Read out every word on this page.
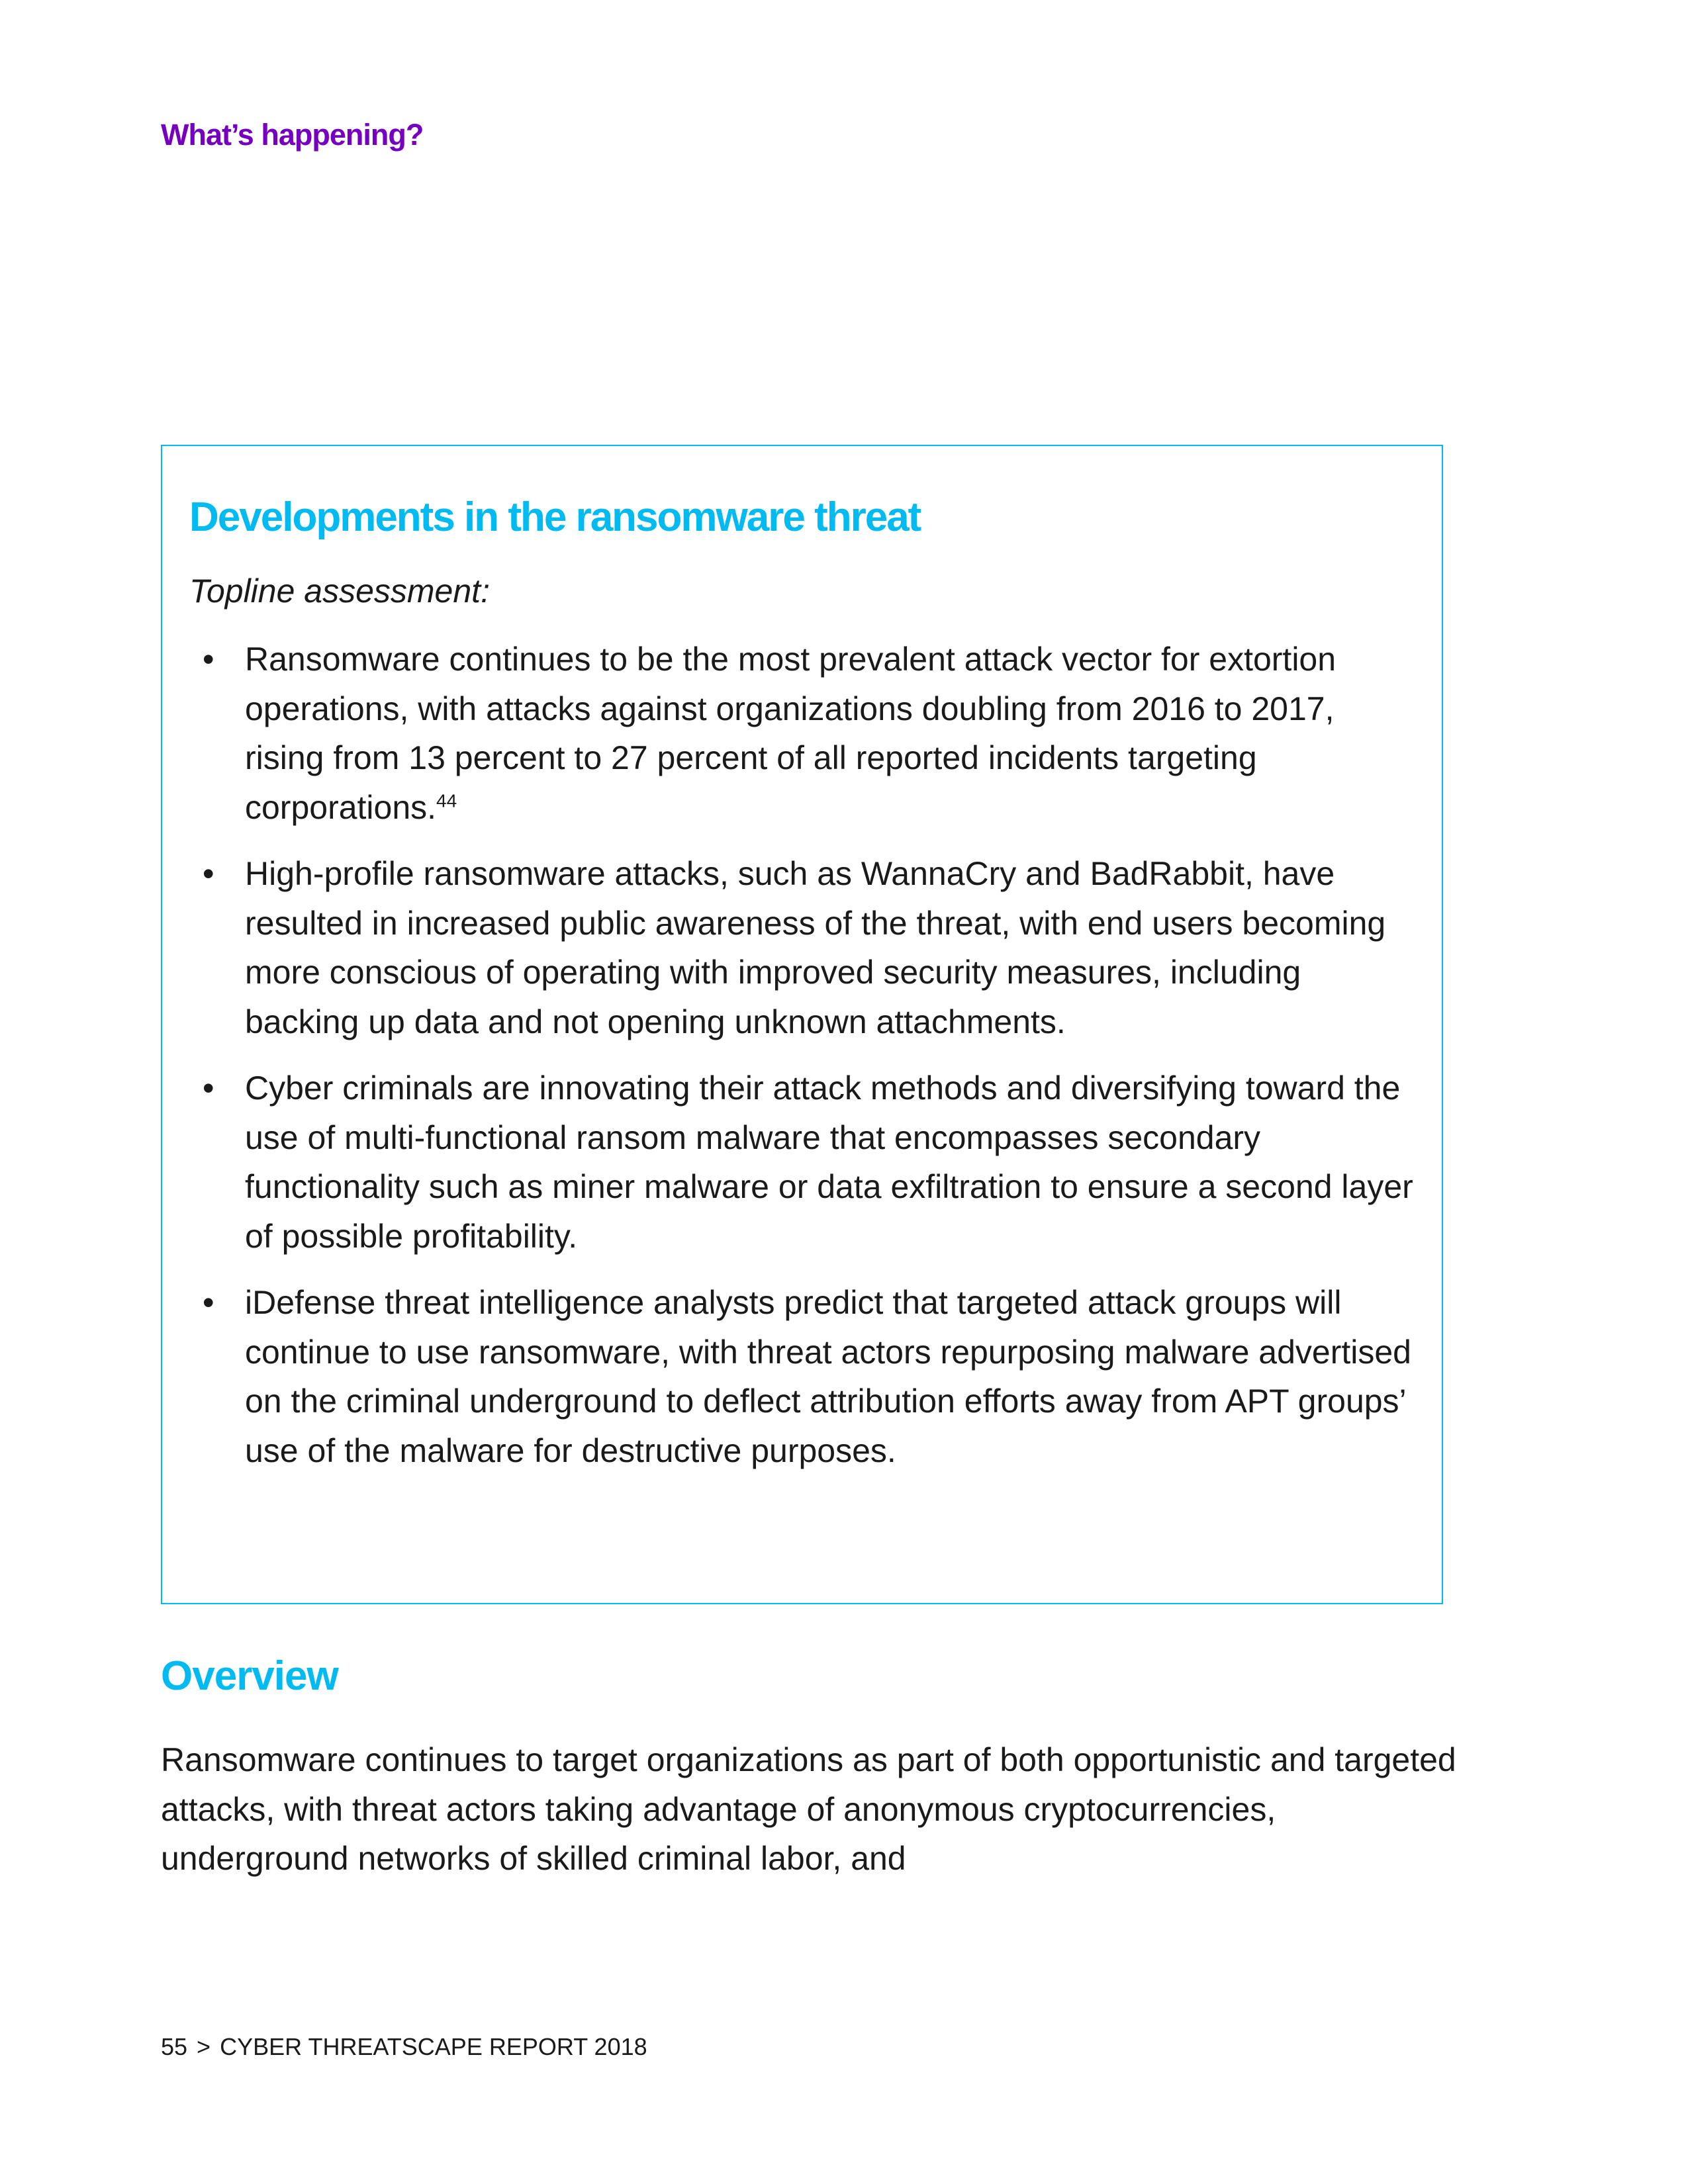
What’s happening?
Developments in the ransomware threat
Topline assessment:
• Ransomware continues to be the most prevalent attack vector for extortion operations, with attacks against organizations doubling from 2016 to 2017, rising from 13 percent to 27 percent of all reported incidents targeting corporations.$^{44}$
• High-profile ransomware attacks, such as WannaCry and BadRabbit, have resulted in increased public awareness of the threat, with end users becoming more conscious of operating with improved security measures, including backing up data and not opening unknown attachments.
• Cyber criminals are innovating their attack methods and diversifying toward the use of multi-functional ransom malware that encompasses secondary functionality such as miner malware or data exfiltration to ensure a second layer of possible profitability.
• iDefense threat intelligence analysts predict that targeted attack groups will continue to use ransomware, with threat actors repurposing malware advertised on the criminal underground to deflect attribution efforts away from APT groups’ use of the malware for destructive purposes.
Overview

Ransomware continues to target organizations as part of both opportunistic and targeted attacks, with threat actors taking advantage of anonymous cryptocurrencies, underground networks of skilled criminal labor, and

55 > CYBER THREATSCAPE REPORT 2018
